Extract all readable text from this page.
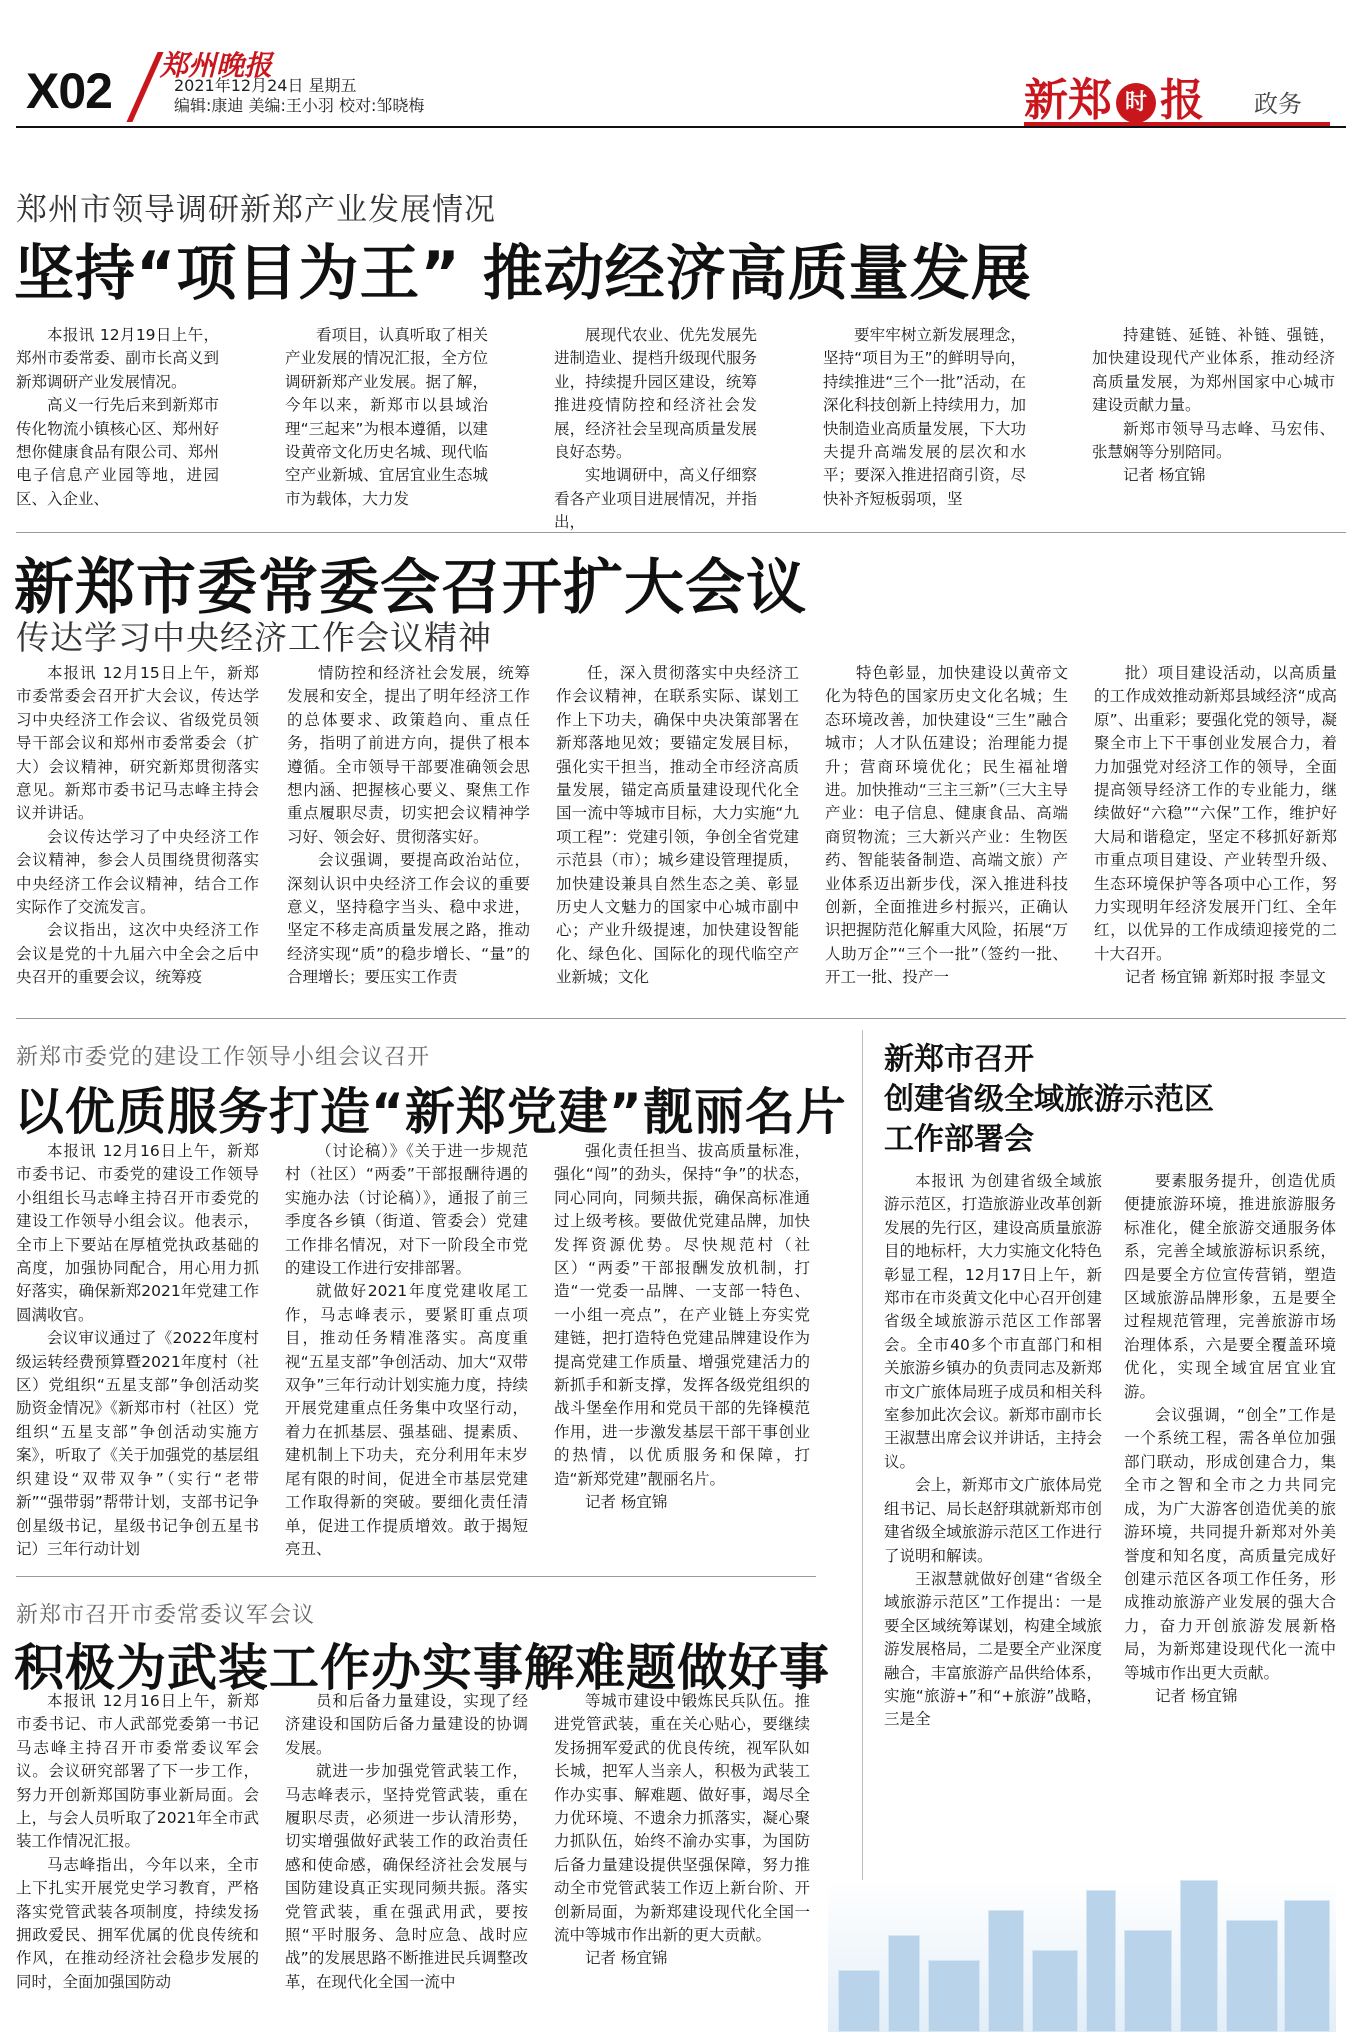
X02 郑州晚报
2021年12月24日 星期五
编辑:康迪 美编:王小羽 校对:邹晓梅	新郑 时 报 政务
郑州市领导调研新郑产业发展情况
坚持“项目为王” 推动经济高质量发展

本报讯 12月19日上午，郑州市委常委、副市长高义到新郑调研产业发展情况。

高义一行先后来到新郑市传化物流小镇核心区、郑州好想你健康食品有限公司、郑州电子信息产业园等地，进园区、入企业、

看项目，认真听取了相关产业发展的情况汇报，全方位调研新郑产业发展。据了解，今年以来，新郑市以县域治理“三起来”为根本遵循，以建设黄帝文化历史名城、现代临空产业新城、宜居宜业生态城市为载体，大力发

展现代农业、优先发展先进制造业、提档升级现代服务业，持续提升园区建设，统筹推进疫情防控和经济社会发展，经济社会呈现高质量发展良好态势。

实地调研中，高义仔细察看各产业项目进展情况，并指出，

要牢牢树立新发展理念，坚持“项目为王”的鲜明导向，持续推进“三个一批”活动，在深化科技创新上持续用力，加快制造业高质量发展，下大功夫提升高端发展的层次和水平；要深入推进招商引资，尽快补齐短板弱项，坚

持建链、延链、补链、强链，加快建设现代产业体系，推动经济高质量发展，为郑州国家中心城市建设贡献力量。

新郑市领导马志峰、马宏伟、张慧娴等分别陪同。

记者 杨宜锦

新郑市委常委会召开扩大会议
传达学习中央经济工作会议精神

本报讯 12月15日上午，新郑市委常委会召开扩大会议，传达学习中央经济工作会议、省级党员领导干部会议和郑州市委常委会（扩大）会议精神，研究新郑贯彻落实意见。新郑市委书记马志峰主持会议并讲话。

会议传达学习了中央经济工作会议精神，参会人员围绕贯彻落实中央经济工作会议精神，结合工作实际作了交流发言。

会议指出，这次中央经济工作会议是党的十九届六中全会之后中央召开的重要会议，统筹疫

情防控和经济社会发展，统筹发展和安全，提出了明年经济工作的总体要求、政策趋向、重点任务，指明了前进方向，提供了根本遵循。全市领导干部要准确领会思想内涵、把握核心要义、聚焦工作重点履职尽责，切实把会议精神学习好、领会好、贯彻落实好。

会议强调，要提高政治站位，深刻认识中央经济工作会议的重要意义，坚持稳字当头、稳中求进，坚定不移走高质量发展之路，推动经济实现“质”的稳步增长、“量”的合理增长；要压实工作责

任，深入贯彻落实中央经济工作会议精神，在联系实际、谋划工作上下功夫，确保中央决策部署在新郑落地见效；要锚定发展目标，强化实干担当，推动全市经济高质量发展，锚定高质量建设现代化全国一流中等城市目标，大力实施“九项工程”：党建引领，争创全省党建示范县（市）；城乡建设管理提质，加快建设兼具自然生态之美、彰显历史人文魅力的国家中心城市副中心；产业升级提速，加快建设智能化、绿色化、国际化的现代临空产业新城；文化

特色彰显，加快建设以黄帝文化为特色的国家历史文化名城；生态环境改善，加快建设“三生”融合城市；人才队伍建设；治理能力提升；营商环境优化；民生福祉增进。加快推动“三主三新”（三大主导产业：电子信息、健康食品、高端商贸物流；三大新兴产业：生物医药、智能装备制造、高端文旅）产业体系迈出新步伐，深入推进科技创新，全面推进乡村振兴，正确认识把握防范化解重大风险，拓展“万人助万企”“三个一批”（签约一批、开工一批、投产一

批）项目建设活动，以高质量的工作成效推动新郑县域经济“成高原”、出重彩；要强化党的领导，凝聚全市上下干事创业发展合力，着力加强党对经济工作的领导，全面提高领导经济工作的专业能力，继续做好“六稳”“六保”工作，维护好大局和谐稳定，坚定不移抓好新郑市重点项目建设、产业转型升级、生态环境保护等各项中心工作，努力实现明年经济发展开门红、全年红，以优异的工作成绩迎接党的二十大召开。

记者 杨宜锦 新郑时报 李显文

新郑市委党的建设工作领导小组会议召开
以优质服务打造“新郑党建”靓丽名片

本报讯 12月16日上午，新郑市委书记、市委党的建设工作领导小组组长马志峰主持召开市委党的建设工作领导小组会议。他表示，全市上下要站在厚植党执政基础的高度，加强协同配合，用心用力抓好落实，确保新郑2021年党建工作圆满收官。

会议审议通过了《2022年度村级运转经费预算暨2021年度村（社区）党组织“五星支部”争创活动奖励资金情况》《新郑市村（社区）党组织“五星支部”争创活动实施方案》，听取了《关于加强党的基层组织建设“双带双争”（实行“老带新”“强带弱”帮带计划，支部书记争创星级书记，星级书记争创五星书记）三年行动计划

（讨论稿）》《关于进一步规范村（社区）“两委”干部报酬待遇的实施办法（讨论稿）》，通报了前三季度各乡镇（街道、管委会）党建工作排名情况，对下一阶段全市党的建设工作进行安排部署。

就做好2021年度党建收尾工作，马志峰表示，要紧盯重点项目，推动任务精准落实。高度重视“五星支部”争创活动、加大“双带双争”三年行动计划实施力度，持续开展党建重点任务集中攻坚行动，着力在抓基层、强基础、提素质、建机制上下功夫，充分利用年末岁尾有限的时间，促进全市基层党建工作取得新的突破。要细化责任清单，促进工作提质增效。敢于揭短亮丑、

强化责任担当、拔高质量标准，强化“闯”的劲头，保持“争”的状态，同心同向，同频共振，确保高标准通过上级考核。要做优党建品牌，加快发挥资源优势。尽快规范村（社区）“两委”干部报酬发放机制，打造“一党委一品牌、一支部一特色、一小组一亮点”，在产业链上夯实党建链，把打造特色党建品牌建设作为提高党建工作质量、增强党建活力的新抓手和新支撑，发挥各级党组织的战斗堡垒作用和党员干部的先锋模范作用，进一步激发基层干部干事创业的热情，以优质服务和保障，打造“新郑党建”靓丽名片。

记者 杨宜锦

新郑市召开市委常委议军会议
积极为武装工作办实事解难题做好事

本报讯 12月16日上午，新郑市委书记、市人武部党委第一书记马志峰主持召开市委常委议军会议。会议研究部署了下一步工作，努力开创新郑国防事业新局面。会上，与会人员听取了2021年全市武装工作情况汇报。

马志峰指出，今年以来，全市上下扎实开展党史学习教育，严格落实党管武装各项制度，持续发扬拥政爱民、拥军优属的优良传统和作风，在推动经济社会稳步发展的同时，全面加强国防动

员和后备力量建设，实现了经济建设和国防后备力量建设的协调发展。

就进一步加强党管武装工作，马志峰表示，坚持党管武装，重在履职尽责，必须进一步认清形势，切实增强做好武装工作的政治责任感和使命感，确保经济社会发展与国防建设真正实现同频共振。落实党管武装，重在强武用武，要按照“平时服务、急时应急、战时应战”的发展思路不断推进民兵调整改革，在现代化全国一流中

等城市建设中锻炼民兵队伍。推进党管武装，重在关心贴心，要继续发扬拥军爱武的优良传统，视军队如长城，把军人当亲人，积极为武装工作办实事、解难题、做好事，竭尽全力优环境、不遗余力抓落实，凝心聚力抓队伍，始终不渝办实事，为国防后备力量建设提供坚强保障，努力推动全市党管武装工作迈上新台阶、开创新局面，为新郑建设现代化全国一流中等城市作出新的更大贡献。

记者 杨宜锦

新郑市召开
创建省级全域旅游示范区
工作部署会

本报讯 为创建省级全域旅游示范区，打造旅游业改革创新发展的先行区，建设高质量旅游目的地标杆，大力实施文化特色彰显工程，12月17日上午，新郑市在市炎黄文化中心召开创建省级全域旅游示范区工作部署会。全市40多个市直部门和相关旅游乡镇办的负责同志及新郑市文广旅体局班子成员和相关科室参加此次会议。新郑市副市长王淑慧出席会议并讲话，主持会议。

会上，新郑市文广旅体局党组书记、局长赵舒琪就新郑市创建省级全域旅游示范区工作进行了说明和解读。

王淑慧就做好创建“省级全域旅游示范区”工作提出：一是要全区域统筹谋划，构建全域旅游发展格局，二是要全产业深度融合，丰富旅游产品供给体系，实施“旅游+”和“+旅游”战略，三是全

要素服务提升，创造优质便捷旅游环境，推进旅游服务标准化，健全旅游交通服务体系，完善全域旅游标识系统，四是要全方位宣传营销，塑造区域旅游品牌形象，五是要全过程规范管理，完善旅游市场治理体系，六是要全覆盖环境优化，实现全域宜居宜业宜游。

会议强调，“创全”工作是一个系统工程，需各单位加强部门联动，形成创建合力，集全市之智和全市之力共同完成，为广大游客创造优美的旅游环境，共同提升新郑对外美誉度和知名度，高质量完成好创建示范区各项工作任务，形成推动旅游产业发展的强大合力，奋力开创旅游发展新格局，为新郑建设现代化一流中等城市作出更大贡献。

记者 杨宜锦
